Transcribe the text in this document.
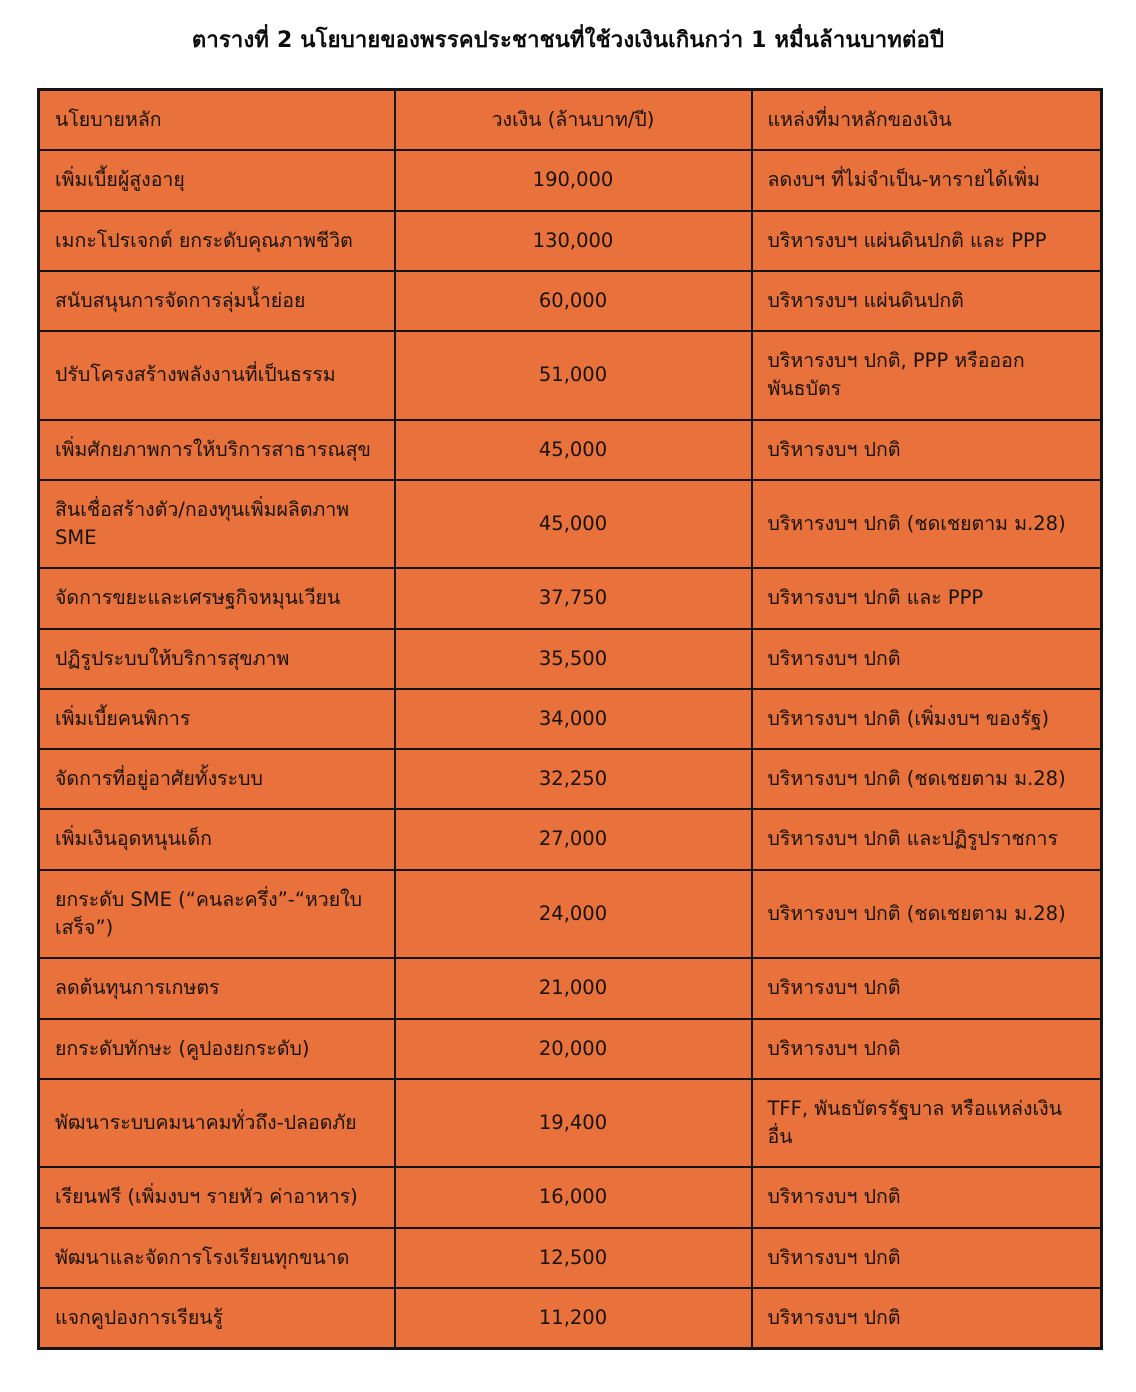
ตารางที่ 2 นโยบายของพรรคประชาชนที่ใช้วงเงินเกินกว่า 1 หมื่นล้านบาทต่อปี
นโยบายหลัก	วงเงิน (ล้านบาท/ปี)	แหล่งที่มาหลักของเงิน
เพิ่มเบี้ยผู้สูงอายุ	190,000	ลดงบฯ ที่ไม่จำเป็น-หารายได้เพิ่ม
เมกะโปรเจกต์ ยกระดับคุณภาพชีวิต	130,000	บริหารงบฯ แผ่นดินปกติ และ PPP
สนับสนุนการจัดการลุ่มน้ำย่อย	60,000	บริหารงบฯ แผ่นดินปกติ
ปรับโครงสร้างพลังงานที่เป็นธรรม	51,000	บริหารงบฯ ปกติ, PPP หรือออก​พันธบัตร
เพิ่มศักยภาพการให้บริการ​สาธารณสุข	45,000	บริหารงบฯ ปกติ
สินเชื่อสร้างตัว/กองทุนเพิ่มผลิตภาพ SME	45,000	บริหารงบฯ ปกติ (ชดเชยตาม ม.28)
จัดการขยะและเศรษฐกิจหมุนเวียน	37,750	บริหารงบฯ ปกติ และ PPP
ปฏิรูประบบให้บริการสุขภาพ	35,500	บริหารงบฯ ปกติ
เพิ่มเบี้ยคนพิการ	34,000	บริหารงบฯ ปกติ (เพิ่มงบฯ ของรัฐ)
จัดการที่อยู่อาศัยทั้งระบบ	32,250	บริหารงบฯ ปกติ (ชดเชยตาม ม.28)
เพิ่มเงินอุดหนุนเด็ก	27,000	บริหารงบฯ ปกติ และปฏิรูปราชการ
ยกระดับ SME (“คนละครึ่ง”-“หวยใบ​เสร็จ”)	24,000	บริหารงบฯ ปกติ (ชดเชยตาม ม.28)
ลดต้นทุนการเกษตร	21,000	บริหารงบฯ ปกติ
ยกระดับทักษะ (คูปองยกระดับ)	20,000	บริหารงบฯ ปกติ
พัฒนาระบบคมนาคมทั่วถึง-​ปลอดภัย	19,400	TFF, พันธบัตรรัฐบาล หรือแหล่งเงิน​อื่น
เรียนฟรี (เพิ่มงบฯ รายหัว ค่าอาหาร)	16,000	บริหารงบฯ ปกติ
พัฒนาและจัดการโรงเรียนทุกขนาด	12,500	บริหารงบฯ ปกติ
แจกคูปองการเรียนรู้	11,200	บริหารงบฯ ปกติ
